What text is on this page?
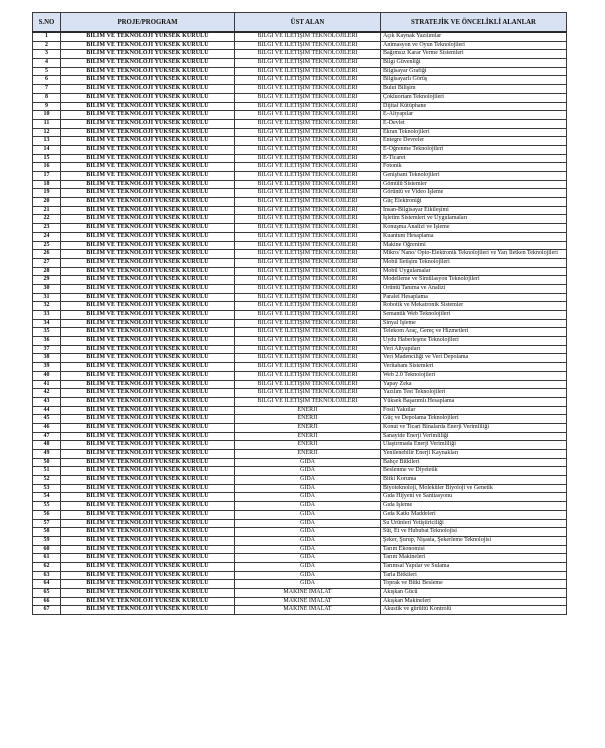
S.NO	PROJE/PROGRAM	ÜST ALAN	STRATEJİK VE ÖNCELİKLİ ALANLAR
1	BİLİM VE TEKNOLOJİ YÜKSEK KURULU	BİLGİ VE İLETİŞİM TEKNOLOJİLERİ	Açık Kaynak Yazılımlar
2	BİLİM VE TEKNOLOJİ YÜKSEK KURULU	BİLGİ VE İLETİŞİM TEKNOLOJİLERİ	Animasyon ve Oyun Teknolojileri
3	BİLİM VE TEKNOLOJİ YÜKSEK KURULU	BİLGİ VE İLETİŞİM TEKNOLOJİLERİ	Bağımsız Karar Verme Sistemleri
4	BİLİM VE TEKNOLOJİ YÜKSEK KURULU	BİLGİ VE İLETİŞİM TEKNOLOJİLERİ	Bilgi Güvenliği
5	BİLİM VE TEKNOLOJİ YÜKSEK KURULU	BİLGİ VE İLETİŞİM TEKNOLOJİLERİ	Bilgisayar Grafiği
6	BİLİM VE TEKNOLOJİ YÜKSEK KURULU	BİLGİ VE İLETİŞİM TEKNOLOJİLERİ	Bilgisayarlı Görüş
7	BİLİM VE TEKNOLOJİ YÜKSEK KURULU	BİLGİ VE İLETİŞİM TEKNOLOJİLERİ	Bulut Bilişim
8	BİLİM VE TEKNOLOJİ YÜKSEK KURULU	BİLGİ VE İLETİŞİM TEKNOLOJİLERİ	Çokluortam Teknolojileri
9	BİLİM VE TEKNOLOJİ YÜKSEK KURULU	BİLGİ VE İLETİŞİM TEKNOLOJİLERİ	Dijital Kütüphane
10	BİLİM VE TEKNOLOJİ YÜKSEK KURULU	BİLGİ VE İLETİŞİM TEKNOLOJİLERİ	E-Altyapılar
11	BİLİM VE TEKNOLOJİ YÜKSEK KURULU	BİLGİ VE İLETİŞİM TEKNOLOJİLERİ	E-Devlet
12	BİLİM VE TEKNOLOJİ YÜKSEK KURULU	BİLGİ VE İLETİŞİM TEKNOLOJİLERİ	Ekran Teknolojileri
13	BİLİM VE TEKNOLOJİ YÜKSEK KURULU	BİLGİ VE İLETİŞİM TEKNOLOJİLERİ	Entegre Devreler
14	BİLİM VE TEKNOLOJİ YÜKSEK KURULU	BİLGİ VE İLETİŞİM TEKNOLOJİLERİ	E-Öğrenme Teknolojileri
15	BİLİM VE TEKNOLOJİ YÜKSEK KURULU	BİLGİ VE İLETİŞİM TEKNOLOJİLERİ	E-Ticaret
16	BİLİM VE TEKNOLOJİ YÜKSEK KURULU	BİLGİ VE İLETİŞİM TEKNOLOJİLERİ	Fotonik
17	BİLİM VE TEKNOLOJİ YÜKSEK KURULU	BİLGİ VE İLETİŞİM TEKNOLOJİLERİ	Genişbant Teknolojileri
18	BİLİM VE TEKNOLOJİ YÜKSEK KURULU	BİLGİ VE İLETİŞİM TEKNOLOJİLERİ	Gömülü Sistemler
19	BİLİM VE TEKNOLOJİ YÜKSEK KURULU	BİLGİ VE İLETİŞİM TEKNOLOJİLERİ	Görüntü ve Video İşleme
20	BİLİM VE TEKNOLOJİ YÜKSEK KURULU	BİLGİ VE İLETİŞİM TEKNOLOJİLERİ	Güç Elektroniği
21	BİLİM VE TEKNOLOJİ YÜKSEK KURULU	BİLGİ VE İLETİŞİM TEKNOLOJİLERİ	İnsan-Bilgisayar Etkileşimi
22	BİLİM VE TEKNOLOJİ YÜKSEK KURULU	BİLGİ VE İLETİŞİM TEKNOLOJİLERİ	İşletim Sistemleri ve Uygulamaları
23	BİLİM VE TEKNOLOJİ YÜKSEK KURULU	BİLGİ VE İLETİŞİM TEKNOLOJİLERİ	Konuşma Analizi ve İşleme
24	BİLİM VE TEKNOLOJİ YÜKSEK KURULU	BİLGİ VE İLETİŞİM TEKNOLOJİLERİ	Kuantum Hesaplama
25	BİLİM VE TEKNOLOJİ YÜKSEK KURULU	BİLGİ VE İLETİŞİM TEKNOLOJİLERİ	Makine Öğrenimi
26	BİLİM VE TEKNOLOJİ YÜKSEK KURULU	BİLGİ VE İLETİŞİM TEKNOLOJİLERİ	Mikro/ Nano/ Opto-Elektronik Teknolojileri ve Yarı İletken Teknolojileri
27	BİLİM VE TEKNOLOJİ YÜKSEK KURULU	BİLGİ VE İLETİŞİM TEKNOLOJİLERİ	Mobil İletişim Teknolojileri
28	BİLİM VE TEKNOLOJİ YÜKSEK KURULU	BİLGİ VE İLETİŞİM TEKNOLOJİLERİ	Mobil Uygulamalar
29	BİLİM VE TEKNOLOJİ YÜKSEK KURULU	BİLGİ VE İLETİŞİM TEKNOLOJİLERİ	Modelleme ve Simülasyon Teknolojileri
30	BİLİM VE TEKNOLOJİ YÜKSEK KURULU	BİLGİ VE İLETİŞİM TEKNOLOJİLERİ	Örüntü Tanıma ve Analizi
31	BİLİM VE TEKNOLOJİ YÜKSEK KURULU	BİLGİ VE İLETİŞİM TEKNOLOJİLERİ	Paralel Hesaplama
32	BİLİM VE TEKNOLOJİ YÜKSEK KURULU	BİLGİ VE İLETİŞİM TEKNOLOJİLERİ	Robotik ve Mekatronik Sistemler
33	BİLİM VE TEKNOLOJİ YÜKSEK KURULU	BİLGİ VE İLETİŞİM TEKNOLOJİLERİ	Semantik Web Teknolojileri
34	BİLİM VE TEKNOLOJİ YÜKSEK KURULU	BİLGİ VE İLETİŞİM TEKNOLOJİLERİ	Sinyal İşleme
35	BİLİM VE TEKNOLOJİ YÜKSEK KURULU	BİLGİ VE İLETİŞİM TEKNOLOJİLERİ	Telekom Araç, Gereç ve Hizmetleri
36	BİLİM VE TEKNOLOJİ YÜKSEK KURULU	BİLGİ VE İLETİŞİM TEKNOLOJİLERİ	Uydu Haberleşme Teknolojileri
37	BİLİM VE TEKNOLOJİ YÜKSEK KURULU	BİLGİ VE İLETİŞİM TEKNOLOJİLERİ	Veri Altyapıları
38	BİLİM VE TEKNOLOJİ YÜKSEK KURULU	BİLGİ VE İLETİŞİM TEKNOLOJİLERİ	Veri Madenciliği ve Veri Depolama
39	BİLİM VE TEKNOLOJİ YÜKSEK KURULU	BİLGİ VE İLETİŞİM TEKNOLOJİLERİ	Veritabanı Sistemleri
40	BİLİM VE TEKNOLOJİ YÜKSEK KURULU	BİLGİ VE İLETİŞİM TEKNOLOJİLERİ	Web 2.0 Teknolojileri
41	BİLİM VE TEKNOLOJİ YÜKSEK KURULU	BİLGİ VE İLETİŞİM TEKNOLOJİLERİ	Yapay Zeka
42	BİLİM VE TEKNOLOJİ YÜKSEK KURULU	BİLGİ VE İLETİŞİM TEKNOLOJİLERİ	Yazılım Test Teknolojileri
43	BİLİM VE TEKNOLOJİ YÜKSEK KURULU	BİLGİ VE İLETİŞİM TEKNOLOJİLERİ	Yüksek Başarımlı Hesaplama
44	BİLİM VE TEKNOLOJİ YÜKSEK KURULU	ENERJİ	Fosil Yakıtlar
45	BİLİM VE TEKNOLOJİ YÜKSEK KURULU	ENERJİ	Güç ve Depolama Teknolojileri
46	BİLİM VE TEKNOLOJİ YÜKSEK KURULU	ENERJİ	Konut ve Ticari Binalarda Enerji Verimliliği
47	BİLİM VE TEKNOLOJİ YÜKSEK KURULU	ENERJİ	Sanayide Enerji Verimliliği
48	BİLİM VE TEKNOLOJİ YÜKSEK KURULU	ENERJİ	Ulaştırmada Enerji Verimliliği
49	BİLİM VE TEKNOLOJİ YÜKSEK KURULU	ENERJİ	Yenilenebilir Enerji Kaynakları
50	BİLİM VE TEKNOLOJİ YÜKSEK KURULU	GIDA	Bahçe Bitkileri
51	BİLİM VE TEKNOLOJİ YÜKSEK KURULU	GIDA	Beslenme ve Diyetetik
52	BİLİM VE TEKNOLOJİ YÜKSEK KURULU	GIDA	Bitki Koruma
53	BİLİM VE TEKNOLOJİ YÜKSEK KURULU	GIDA	Biyoteknoloji, Moleküler Biyoloji ve Genetik
54	BİLİM VE TEKNOLOJİ YÜKSEK KURULU	GIDA	Gıda Hijyeni ve Sanitasyonu
55	BİLİM VE TEKNOLOJİ YÜKSEK KURULU	GIDA	Gıda İşleme
56	BİLİM VE TEKNOLOJİ YÜKSEK KURULU	GIDA	Gıda Katkı Maddeleri
57	BİLİM VE TEKNOLOJİ YÜKSEK KURULU	GIDA	Su Ürünleri Yetiştiriciliği
58	BİLİM VE TEKNOLOJİ YÜKSEK KURULU	GIDA	Süt, Et ve Hububat Teknolojisi
59	BİLİM VE TEKNOLOJİ YÜKSEK KURULU	GIDA	Şeker, Şurup, Nişasta, Şekerleme Teknolojisi
60	BİLİM VE TEKNOLOJİ YÜKSEK KURULU	GIDA	Tarım Ekonomisi
61	BİLİM VE TEKNOLOJİ YÜKSEK KURULU	GIDA	Tarım Makineleri
62	BİLİM VE TEKNOLOJİ YÜKSEK KURULU	GIDA	Tarımsal Yapılar ve Sulama
63	BİLİM VE TEKNOLOJİ YÜKSEK KURULU	GIDA	Tarla Bitkileri
64	BİLİM VE TEKNOLOJİ YÜKSEK KURULU	GIDA	Toprak ve Bitki Besleme
65	BİLİM VE TEKNOLOJİ YÜKSEK KURULU	MAKİNE İMALAT	Akışkan Gücü
66	BİLİM VE TEKNOLOJİ YÜKSEK KURULU	MAKİNE İMALAT	Akışkan Makineleri
67	BİLİM VE TEKNOLOJİ YÜKSEK KURULU	MAKİNE İMALAT	Akustik ve gürültü Kontrolü
